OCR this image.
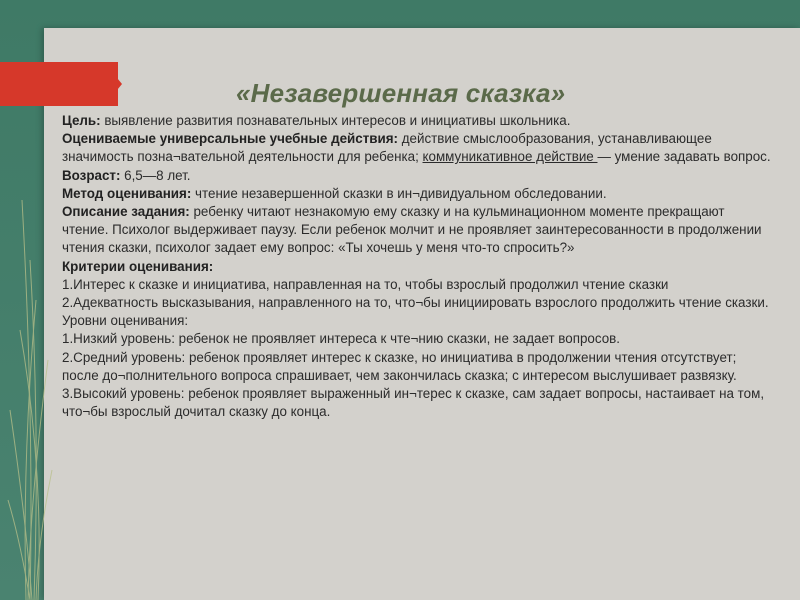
«Незавершенная сказка»

Цель: выявление развития познавательных интересов и инициативы школьника.

Оцениваемые универсальные учебные действия: действие смыслообразования, устанавливающее значимость позна¬вательной деятельности для ребенка; коммуникативное действие — умение задавать вопрос.

Возраст: 6,5—8 лет.

Метод оценивания: чтение незавершенной сказки в ин¬дивидуальном обследовании.

Описание задания: ребенку читают незнакомую ему сказку и на кульминационном моменте прекращают чтение. Психолог выдерживает паузу. Если ребенок молчит и не проявляет заинтересованности в продолжении чтения сказки, психолог задает ему вопрос: «Ты хочешь у меня что-то спросить?»

Критерии оценивания:

1.Интерес к сказке и инициатива, направленная на то, чтобы взрослый продолжил чтение сказки

2.Адекватность высказывания, направленного на то, что¬бы инициировать взрослого продолжить чтение сказки.

Уровни оценивания:

1.Низкий уровень: ребенок не проявляет интереса к чте¬нию сказки, не задает вопросов.

2.Средний уровень: ребенок проявляет интерес к сказке, но инициатива в продолжении чтения отсутствует; после до¬полнительного вопроса спрашивает, чем закончилась сказка; с интересом выслушивает развязку.

3.Высокий уровень: ребенок проявляет выраженный ин¬терес к сказке, сам задает вопросы, настаивает на том, что¬бы взрослый дочитал сказку до конца.
